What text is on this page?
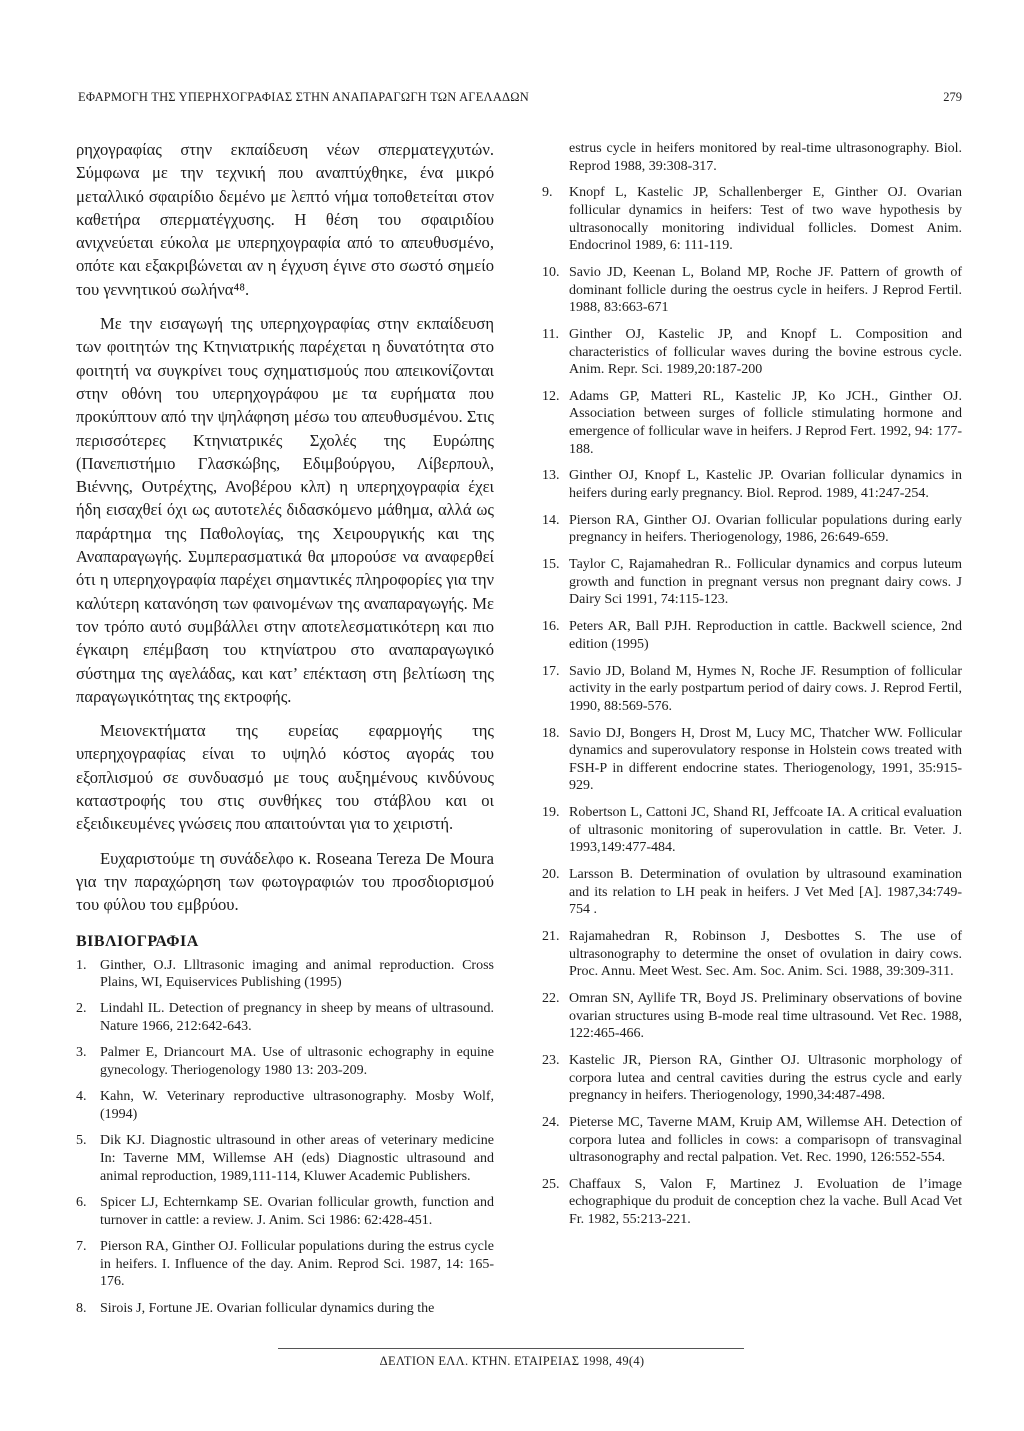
ΕΦΑΡΜΟΓΗ ΤΗΣ ΥΠΕΡΗΧΟΓΡΑΦΙΑΣ ΣΤΗΝ ΑΝΑΠΑΡΑΓΩΓΗ ΤΩΝ ΑΓΕΛΑΔΩΝ	279

ρηχογραφίας στην εκπαίδευση νέων σπερματεγχυτών. Σύμφωνα με την τεχνική που αναπτύχθηκε, ένα μικρό μεταλλικό σφαιρίδιο δεμένο με λεπτό νήμα τοποθετείται στον καθετήρα σπερματέγχυσης. Η θέση του σφαιριδίου ανιχνεύεται εύκολα με υπερηχογραφία από το απευθυσμένο, οπότε και εξακριβώνεται αν η έγχυση έγινε στο σωστό σημείο του γεννητικού σωλήνα⁴⁸.

Με την εισαγωγή της υπερηχογραφίας στην εκπαίδευση των φοιτητών της Κτηνιατρικής παρέχεται η δυνατότητα στο φοιτητή να συγκρίνει τους σχηματισμούς που απεικονίζονται στην οθόνη του υπερηχογράφου με τα ευρήματα που προκύπτουν από την ψηλάφηση μέσω του απευθυσμένου. Στις περισσότερες Κτηνιατρικές Σχολές της Ευρώπης (Πανεπιστήμιο Γλασκώβης, Εδιμβούργου, Λίβερπουλ, Βιέννης, Ουτρέχτης, Ανοβέρου κλπ) η υπερηχογραφία έχει ήδη εισαχθεί όχι ως αυτοτελές διδασκόμενο μάθημα, αλλά ως παράρτημα της Παθολογίας, της Χειρουργικής και της Αναπαραγωγής. Συμπερασματικά θα μπορούσε να αναφερθεί ότι η υπερηχογραφία παρέχει σημαντικές πληροφορίες για την καλύτερη κατανόηση των φαινομένων της αναπαραγωγής. Με τον τρόπο αυτό συμβάλλει στην αποτελεσματικότερη και πιο έγκαιρη επέμβαση του κτηνίατρου στο αναπαραγωγικό σύστημα της αγελάδας, και κατ’ επέκταση στη βελτίωση της παραγωγικότητας της εκτροφής.

Μειονεκτήματα της ευρείας εφαρμογής της υπερηχογραφίας είναι το υψηλό κόστος αγοράς του εξοπλισμού σε συνδυασμό με τους αυξημένους κινδύνους καταστροφής του στις συνθήκες του στάβλου και οι εξειδικευμένες γνώσεις που απαιτούνται για το χειριστή.

Ευχαριστούμε τη συνάδελφο κ. Roseana Tereza De Moura για την παραχώρηση των φωτογραφιών του προσδιορισμού του φύλου του εμβρύου.

ΒΙΒΛΙΟΓΡΑΦΙΑ
1. Ginther, O.J. Llltrasonic imaging and animal reproduction. Cross Plains, WI, Equiservices Publishing (1995)
2. Lindahl IL. Detection of pregnancy in sheep by means of ultrasound. Nature 1966, 212:642-643.
3. Palmer E, Driancourt MA. Use of ultrasonic echography in equine gynecology. Theriogenology 1980 13: 203-209.
4. Kahn, W. Veterinary reproductive ultrasonography. Mosby Wolf, (1994)
5. Dik KJ. Diagnostic ultrasound in other areas of veterinary medicine In: Taverne MM, Willemse AH (eds) Diagnostic ultrasound and animal reproduction, 1989,111-114, Kluwer Academic Publishers.
6. Spicer LJ, Echternkamp SE. Ovarian follicular growth, function and turnover in cattle: a review. J. Anim. Sci 1986: 62:428-451.
7. Pierson RA, Ginther OJ. Follicular populations during the estrus cycle in heifers. I. Influence of the day. Anim. Reprod Sci. 1987, 14: 165-176.
8. Sirois J, Fortune JE. Ovarian follicular dynamics during the
estrus cycle in heifers monitored by real-time ultrasonography. Biol. Reprod 1988, 39:308-317.
9.	Knopf L, Kastelic JP, Schallenberger E, Ginther OJ. Ovarian follicular dynamics in heifers: Test of two wave hypothesis by ultrasonocally monitoring individual follicles. Domest Anim. Endocrinol 1989, 6: 111-119.
10. Savio JD, Keenan L, Boland MP, Roche JF. Pattern of growth of dominant follicle during the oestrus cycle in heifers. J Reprod Fertil. 1988, 83:663-671
11. Ginther OJ, Kastelic JP, and Knopf L. Composition and characteristics of follicular waves during the bovine estrous cycle. Anim. Repr. Sci. 1989,20:187-200
12. Adams GP, Matteri RL, Kastelic JP, Ko JCH., Ginther OJ. Association between surges of follicle stimulating hormone and emergence of follicular wave in heifers. J Reprod Fert. 1992, 94: 177-188.
13. Ginther OJ, Knopf L, Kastelic JP. Ovarian follicular dynamics in heifers during early pregnancy. Biol. Reprod. 1989, 41:247-254.
14. Pierson RA, Ginther OJ. Ovarian follicular populations during early pregnancy in heifers. Theriogenology, 1986, 26:649-659.
15. Taylor C, Rajamahedran R.. Follicular dynamics and corpus luteum growth and function in pregnant versus non pregnant dairy cows. J Dairy Sci 1991, 74:115-123.
16. Peters AR, Ball PJH. Reproduction in cattle. Backwell science, 2nd edition (1995)
17. Savio JD, Boland M, Hymes N, Roche JF. Resumption of follicular activity in the early postpartum period of dairy cows. J. Reprod Fertil, 1990, 88:569-576.
18. Savio DJ, Bongers H, Drost M, Lucy MC, Thatcher WW. Follicular dynamics and superovulatory response in Holstein cows treated with FSH-P in different endocrine states. Theriogenology, 1991, 35:915-929.
19. Robertson L, Cattoni JC, Shand RI, Jeffcoate IA. A critical evaluation of ultrasonic monitoring of superovulation in cattle. Br. Veter. J. 1993,149:477-484.
20. Larsson B. Determination of ovulation by ultrasound examination and its relation to LH peak in heifers. J Vet Med [A]. 1987,34:749-754 .
21. Rajamahedran R, Robinson J, Desbottes S. The use of ultrasonography to determine the onset of ovulation in dairy cows. Proc. Annu. Meet West. Sec. Am. Soc. Anim. Sci. 1988, 39:309-311.
22. Omran SN, Ayllife TR, Boyd JS. Preliminary observations of bovine ovarian structures using B-mode real time ultrasound. Vet Rec. 1988, 122:465-466.
23. Kastelic JR, Pierson RA, Ginther OJ. Ultrasonic morphology of corpora lutea and central cavities during the estrus cycle and early pregnancy in heifers. Theriogenology, 1990,34:487-498.
24. Pieterse MC, Taverne MAM, Kruip AM, Willemse AH. Detection of corpora lutea and follicles in cows: a comparisopn of transvaginal ultrasonography and rectal palpation. Vet. Rec. 1990, 126:552-554.
25. Chaffaux S, Valon F, Martinez J. Evoluation de l’image echographique du produit de conception chez la vache. Bull Acad Vet Fr. 1982, 55:213-221.
ΔΕΛΤΙΟΝ ΕΛΛ. ΚΤΗΝ. ΕΤΑΙΡΕΙΑΣ 1998, 49(4)
